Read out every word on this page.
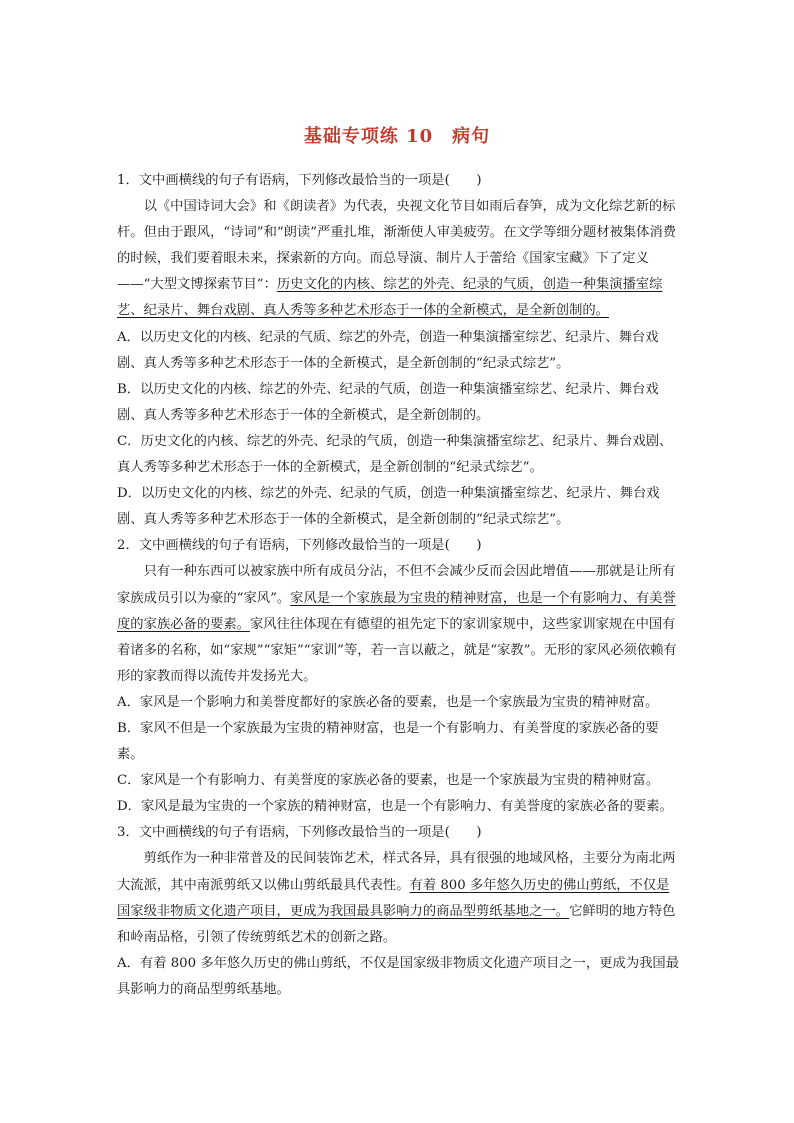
基础专项练 10　病句

1．文中画横线的句子有语病，下列修改最恰当的一项是(　　)

以《中国诗词大会》和《朗读者》为代表，央视文化节目如雨后春笋，成为文化综艺新的标杆。但由于跟风，“诗词”和“朗读”严重扎堆，渐渐使人审美疲劳。在文学等细分题材被集体消费的时候，我们要着眼未来，探索新的方向。而总导演、制片人于蕾给《国家宝藏》下了定义——“大型文博探索节目”：历史文化的内核、综艺的外壳、纪录的气质，创造一种集演播室综艺、纪录片、舞台戏剧、真人秀等多种艺术形态于一体的全新模式，是全新创制的。

A．以历史文化的内核、纪录的气质、综艺的外壳，创造一种集演播室综艺、纪录片、舞台戏剧、真人秀等多种艺术形态于一体的全新模式，是全新创制的“纪录式综艺”。

B．以历史文化的内核、综艺的外壳、纪录的气质，创造一种集演播室综艺、纪录片、舞台戏剧、真人秀等多种艺术形态于一体的全新模式，是全新创制的。

C．历史文化的内核、综艺的外壳、纪录的气质，创造一种集演播室综艺、纪录片、舞台戏剧、真人秀等多种艺术形态于一体的全新模式，是全新创制的“纪录式综艺”。

D．以历史文化的内核、综艺的外壳、纪录的气质，创造一种集演播室综艺、纪录片、舞台戏剧、真人秀等多种艺术形态于一体的全新模式，是全新创制的“纪录式综艺”。

2．文中画横线的句子有语病，下列修改最恰当的一项是(　　)

只有一种东西可以被家族中所有成员分沾，不但不会减少反而会因此增值——那就是让所有家族成员引以为豪的“家风”。家风是一个家族最为宝贵的精神财富，也是一个有影响力、有美誉度的家族必备的要素。家风往往体现在有德望的祖先定下的家训家规中，这些家训家规在中国有着诸多的名称，如“家规”“家矩”“家训”等，若一言以蔽之，就是“家教”。无形的家风必须依赖有形的家教而得以流传并发扬光大。

A．家风是一个影响力和美誉度都好的家族必备的要素，也是一个家族最为宝贵的精神财富。

B．家风不但是一个家族最为宝贵的精神财富，也是一个有影响力、有美誉度的家族必备的要素。

C．家风是一个有影响力、有美誉度的家族必备的要素，也是一个家族最为宝贵的精神财富。

D．家风是最为宝贵的一个家族的精神财富，也是一个有影响力、有美誉度的家族必备的要素。

3．文中画横线的句子有语病，下列修改最恰当的一项是(　　)

剪纸作为一种非常普及的民间装饰艺术，样式各异，具有很强的地域风格，主要分为南北两大流派，其中南派剪纸又以佛山剪纸最具代表性。有着 800 多年悠久历史的佛山剪纸，不仅是国家级非物质文化遗产项目，更成为我国最具影响力的商品型剪纸基地之一。它鲜明的地方特色和岭南品格，引领了传统剪纸艺术的创新之路。

A．有着 800 多年悠久历史的佛山剪纸，不仅是国家级非物质文化遗产项目之一，更成为我国最具影响力的商品型剪纸基地。
